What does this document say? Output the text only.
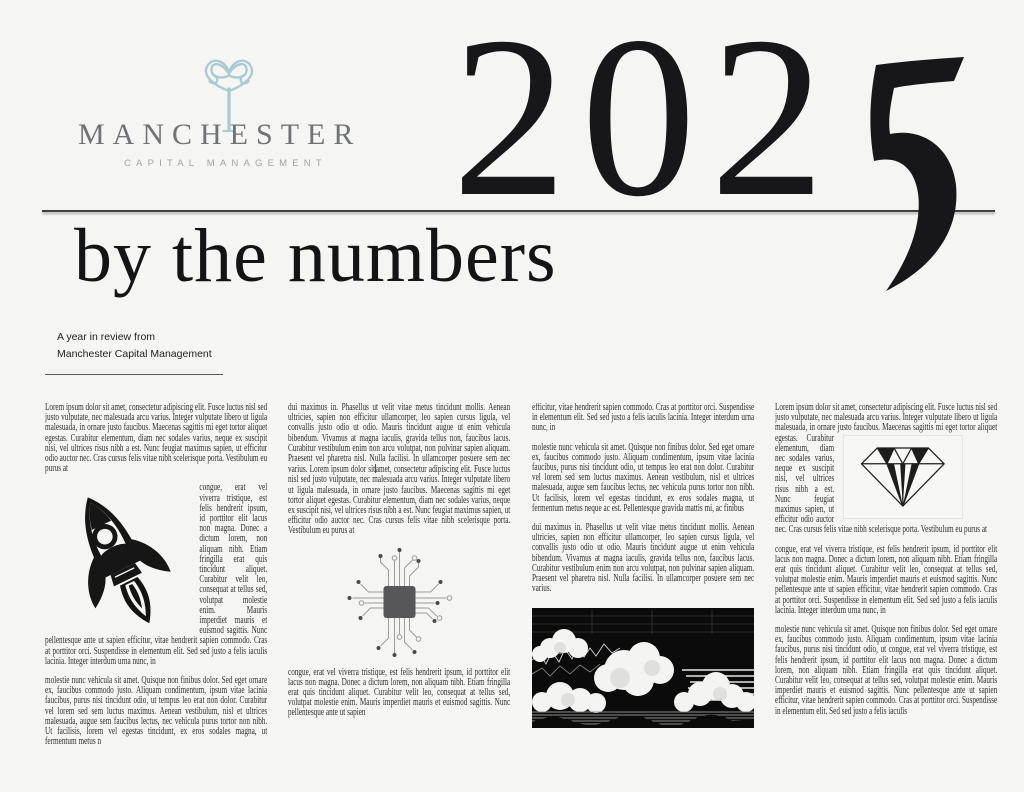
MANCHESTER
CAPITAL MANAGEMENT 202
by the numbers
A year in review from
Manchester Capital Management

Lorem ipsum dolor sit amet, consectetur adipiscing elit. Fusce luctus nisl sed justo vulputate, nec malesuada arcu varius. Integer vulputate libero ut ligula malesuada, in ornare justo faucibus. Maecenas sagittis mi eget tortor aliquet egestas. Curabitur elementum, diam nec sodales varius, neque ex suscipit nisi, vel ultrices risus nibh a est. Nunc feugiat maximus sapien, ut efficitur odio auctor nec. Cras cursus felis vitae nibh scelerisque porta. Vestibulum eu purus at

congue, erat vel viverra tristique, est felis hendrerit ipsum, id porttitor elit lacus non magna. Donec a dictum lorem, non aliquam nibh. Etiam fringilla erat quis tincidunt aliquet. Curabitur velit leo, consequat at tellus sed, volutpat molestie enim. Mauris imperdiet mauris et euismod sagittis. Nunc pellentesque ante ut sapien efficitur, vitae hendrerit sapien commodo. Cras at porttitor orci. Suspendisse in elementum elit. Sed sed justo a felis iaculis lacinia. Integer interdum urna nunc, in

molestie nunc vehicula sit amet. Quisque non finibus dolor. Sed eget ornare ex, faucibus commodo justo. Aliquam condimentum, ipsum vitae lacinia faucibus, purus nisi tincidunt odio, ut tempus leo erat non dolor. Curabitur vel lorem sed sem luctus maximus. Aenean vestibulum, nisl et ultrices malesuada, augue sem faucibus lectus, nec vehicula purus tortor non nibh. Ut facilisis, lorem vel egestas tincidunt, ex eros sodales magna, ut fermentum metus n

dui maximus in. Phasellus ut velit vitae metus tincidunt mollis. Aenean ultricies, sapien non efficitur ullamcorper, leo sapien cursus ligula, vel convallis justo odio ut odio. Mauris tincidunt augue ut enim vehicula bibendum. Vivamus at magna iaculis, gravida tellus non, faucibus lacus. Curabitur vestibulum enim non arcu volutpat, non pulvinar sapien aliquam. Praesent vel pharetra nisl. Nulla facilisi. In ullamcorper posuere sem nec varius. Lorem ipsum dolor sitamet, consectetur adipiscing elit. Fusce luctus nisl sed justo vulputate, nec malesuada arcu varius. Integer vulputate libero ut ligula malesuada, in ornare justo faucibus. Maecenas sagittis mi eget tortor aliquet egestas. Curabitur elementum, diam nec sodales varius, neque ex suscipit nisi, vel ultrices risus nibh a est. Nunc feugiat maximus sapien, ut efficitur odio auctor nec. Cras cursus felis vitae nibh scelerisque porta. Vestibulum eu purus at

congue, erat vel viverra tristique, est felis hendrerit ipsum, id porttitor elit lacus non magna. Donec a dictum lorem, non aliquam nibh. Etiam fringilla erat quis tincidunt aliquet. Curabitur velit leo, consequat at tellus sed, volutpat molestie enim. Mauris imperdiet mauris et euismod sagittis. Nunc pellentesque ante ut sapien

efficitur, vitae hendrerit sapien commodo. Cras at porttitor orci. Suspendisse in elementum elit. Sed sed justo a felis iaculis lacinia. Integer interdum urna nunc, in

molestie nunc vehicula sit amet. Quisque non finibus dolor. Sed eget ornare ex, faucibus commodo justo. Aliquam condimentum, ipsum vitae lacinia faucibus, purus nisi tincidunt odio, ut tempus leo erat non dolor. Curabitur vel lorem sed sem luctus maximus. Aenean vestibulum, nisl et ultrices malesuada, augue sem faucibus lectus, nec vehicula purus tortor non nibh. Ut facilisis, lorem vel egestas tincidunt, ex eros sodales magna, ut fermentum metus neque ac est. Pellentesque gravida mattis mi, ac finibus

dui maximus in. Phasellus ut velit vitae metus tincidunt mollis. Aenean ultricies, sapien non efficitur ullamcorper, leo sapien cursus ligula, vel convallis justo odio ut odio. Mauris tincidunt augue ut enim vehicula bibendum. Vivamus at magna iaculis, gravida tellus non, faucibus lacus. Curabitur vestibulum enim non arcu volutpat, non pulvinar sapien aliquam. Praesent vel pharetra nisl. Nulla facilisi. In ullamcorper posuere sem nec varius.

Lorem ipsum dolor sit amet, consectetur adipiscing elit. Fusce luctus nisl sed justo vulputate, nec malesuada arcu varius. Integer vulputate libero ut ligula malesuada, in ornare justo faucibus. Maecenas
sagittis mi eget tortor aliquet egestas. Curabitur elementum, diam nec sodales varius, neque ex suscipit nisi, vel ultrices risus nibh a est. Nunc feugiat maximus sapien, ut efficitur odio auctor nec. Cras cursus felis vitae nibh scelerisque porta. Vestibulum eu purus at

congue, erat vel viverra tristique, est felis hendrerit ipsum, id porttitor elit lacus non magna. Donec a dictum lorem, non aliquam nibh. Etiam fringilla erat quis tincidunt aliquet. Curabitur velit leo, consequat at tellus sed, volutpat molestie enim. Mauris imperdiet mauris et euismod sagittis. Nunc pellentesque ante ut sapien efficitur, vitae hendrerit sapien commodo. Cras at porttitor orci. Suspendisse in elementum elit. Sed sed justo a felis iaculis lacinia. Integer interdum urna nunc, in

molestie nunc vehicula sit amet. Quisque non finibus dolor. Sed eget ornare ex, faucibus commodo justo. Aliquam condimentum, ipsum vitae lacinia faucibus, purus nisi tincidunt odio, ut congue, erat vel viverra tristique, est felis hendrerit ipsum, id porttitor elit lacus non magna. Donec a dictum lorem, non aliquam nibh. Etiam fringilla erat quis tincidunt aliquet. Curabitur velit leo, consequat at tellus sed, volutpat molestie enim. Mauris imperdiet mauris et euismod sagittis. Nunc pellentesque ante ut sapien efficitur, vitae hendrerit sapien commodo. Cras at porttitor orci. Suspendisse in elementum elit. Sed sed justo a felis iaculis
